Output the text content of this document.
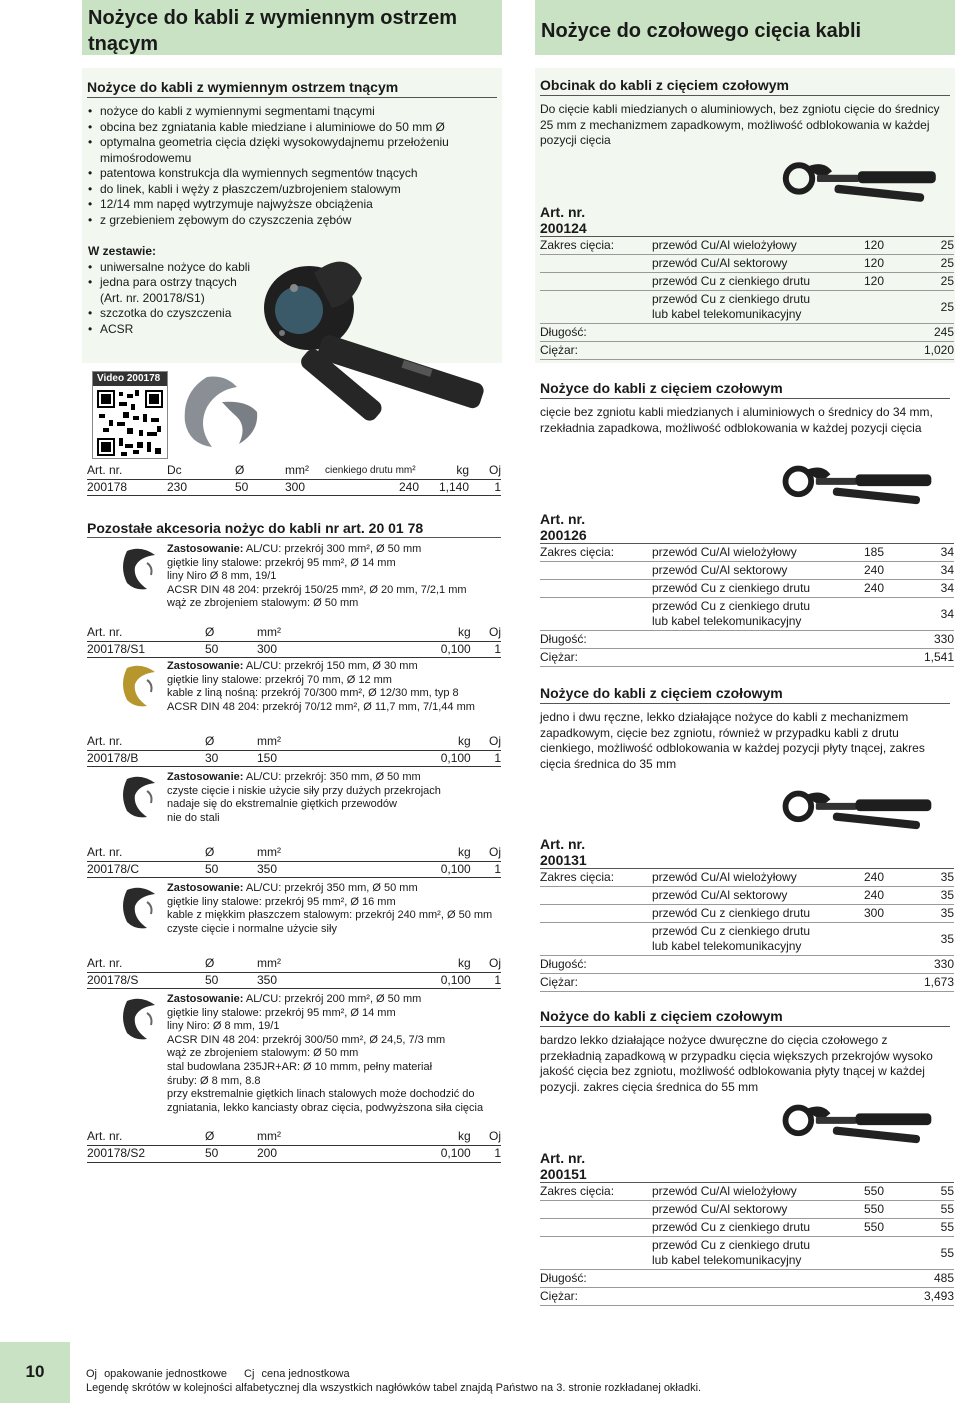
Nożyce do kabli z wymiennym ostrzem tnącym
Nożyce do kabli z wymiennym ostrzem tnącym
• nożyce do kabli z wymiennymi segmentami tnącymi
• obcina bez zgniatania kable miedziane i aluminiowe do 50 mm Ø
• optymalna geometria cięcia dzięki wysokowydajnemu przełożeniu mimośrodowemu
• patentowa konstrukcja dla wymiennych segmentów tnących
• do linek, kabli i węży z płaszczem/uzbrojeniem stalowym
• 12/14 mm napęd wytrzymuje najwyższe obciążenia
• z grzebieniem zębowym do czyszczenia zębów
W zestawie:
• uniwersalne nożyce do kabli
• jedna para ostrzy tnących (Art. nr. 200178/S1)
• szczotka do czyszczenia
• ACSR
Video 200178
Art. nr.	Dc	Ø	mm²	cienkiego drutu mm²	kg	Oj
200178	230	50	300	240	1,140	1
Pozostałe akcesoria nożyc do kabli nr art. 20 01 78
Zastosowanie: AL/CU: przekrój 300 mm², Ø 50 mm
giętkie liny stalowe: przekrój 95 mm², Ø 14 mm
liny Niro Ø 8 mm, 19/1
ACSR DIN 48 204: przekrój 150/25 mm², Ø 20 mm, 7/2,1 mm
wąż ze zbrojeniem stalowym: Ø 50 mm
Art. nr.	Ø	mm²	kg	Oj
200178/S1	50	300	0,100	1
Zastosowanie: AL/CU: przekrój 150 mm, Ø 30 mm
giętkie liny stalowe: przekrój 70 mm, Ø 12 mm
kable z liną nośną: przekrój 70/300 mm², Ø 12/30 mm, typ 8
ACSR DIN 48 204: przekrój 70/12 mm², Ø 11,7 mm, 7/1,44 mm
Art. nr.	Ø	mm²	kg	Oj
200178/B	30	150	0,100	1
Zastosowanie: AL/CU: przekrój: 350 mm, Ø 50 mm
czyste cięcie i niskie użycie siły przy dużych przekrojach
nadaje się do ekstremalnie giętkich przewodów
nie do stali
Art. nr.	Ø	mm²	kg	Oj
200178/C	50	350	0,100	1
Zastosowanie: AL/CU: przekrój 350 mm, Ø 50 mm
giętkie liny stalowe: przekrój 95 mm², Ø 16 mm
kable z miękkim płaszczem stalowym: przekrój 240 mm², Ø 50 mm
czyste cięcie i normalne użycie siły
Art. nr.	Ø	mm²	kg	Oj
200178/S	50	350	0,100	1
Zastosowanie: AL/CU: przekrój 200 mm², Ø 50 mm
giętkie liny stalowe: przekrój 95 mm², Ø 14 mm
liny Niro: Ø 8 mm, 19/1
ACSR DIN 48 204: przekrój 300/50 mm², Ø 24,5, 7/3 mm
wąż ze zbrojeniem stalowym: Ø 50 mm
stal budowlana 235JR+AR: Ø 10 mmm, pełny materiał
śruby: Ø 8 mm, 8.8
przy ekstremalnie giętkich linach stalowych może dochodzić do
zgniatania, lekko kanciasty obraz cięcia, podwyższona siła cięcia
Art. nr.	Ø	mm²	kg	Oj
200178/S2	50	200	0,100	1
Nożyce do czołowego cięcia kabli
Obcinak do kabli z cięciem czołowym
Do cięcie kabli miedzianych o aluminiowych, bez zgniotu cięcie do średnicy 25 mm z mechanizmem zapadkowym, możliwość odblokowania w każdej pozycji cięcia
Art. nr.
200124
Zakres cięcia:	przewód Cu/Al wielożyłowy	120	25
	przewód Cu/Al sektorowy	120	25
	przewód Cu z cienkiego drutu	120	25
	przewód Cu z cienkiego drutu lub kabel telekomunikacyjny		25
Długość:			245
Ciężar:			1,020
Nożyce do kabli z cięciem czołowym
cięcie bez zgniotu kabli miedzianych i aluminiowych o średnicy do 34 mm, rzekładnia zapadkowa, możliwość odblokowania w każdej pozycji cięcia
Art. nr.
200126
Zakres cięcia:	przewód Cu/Al wielożyłowy	185	34
	przewód Cu/Al sektorowy	240	34
	przewód Cu z cienkiego drutu	240	34
	przewód Cu z cienkiego drutu lub kabel telekomunikacyjny		34
Długość:			330
Ciężar:			1,541
Nożyce do kabli z cięciem czołowym
jedno i dwu ręczne, lekko działające nożyce do kabli z mechanizmem zapadkowym, cięcie bez zgniotu, również w przypadku kabli z drutu cienkiego, możliwość odblokowania w każdej pozycji płyty tnącej, zakres cięcia średnica do 35 mm
Art. nr.
200131
Zakres cięcia:	przewód Cu/Al wielożyłowy	240	35
	przewód Cu/Al sektorowy	240	35
	przewód Cu z cienkiego drutu	300	35
	przewód Cu z cienkiego drutu lub kabel telekomunikacyjny		35
Długość:			330
Ciężar:			1,673
Nożyce do kabli z cięciem czołowym
bardzo lekko działające nożyce dwuręczne do cięcia czołowego z przekładnią zapadkową w przypadku cięcia większych przekrojów wysoko jakość cięcia bez zgniotu, możliwość odblokowania płyty tnącej w każdej pozycji. zakres cięcia średnica do 55 mm
Art. nr.
200151
Zakres cięcia:	przewód Cu/Al wielożyłowy	550	55
	przewód Cu/Al sektorowy	550	55
	przewód Cu z cienkiego drutu	550	55
	przewód Cu z cienkiego drutu lub kabel telekomunikacyjny		55
Długość:			485
Ciężar:			3,493
10	Oj opakowanie jednostkowe Cj cena jednostkowa
Legendę skrótów w kolejności alfabetycznej dla wszystkich nagłówków tabel znajdą Państwo na 3. stronie rozkładanej okładki.
